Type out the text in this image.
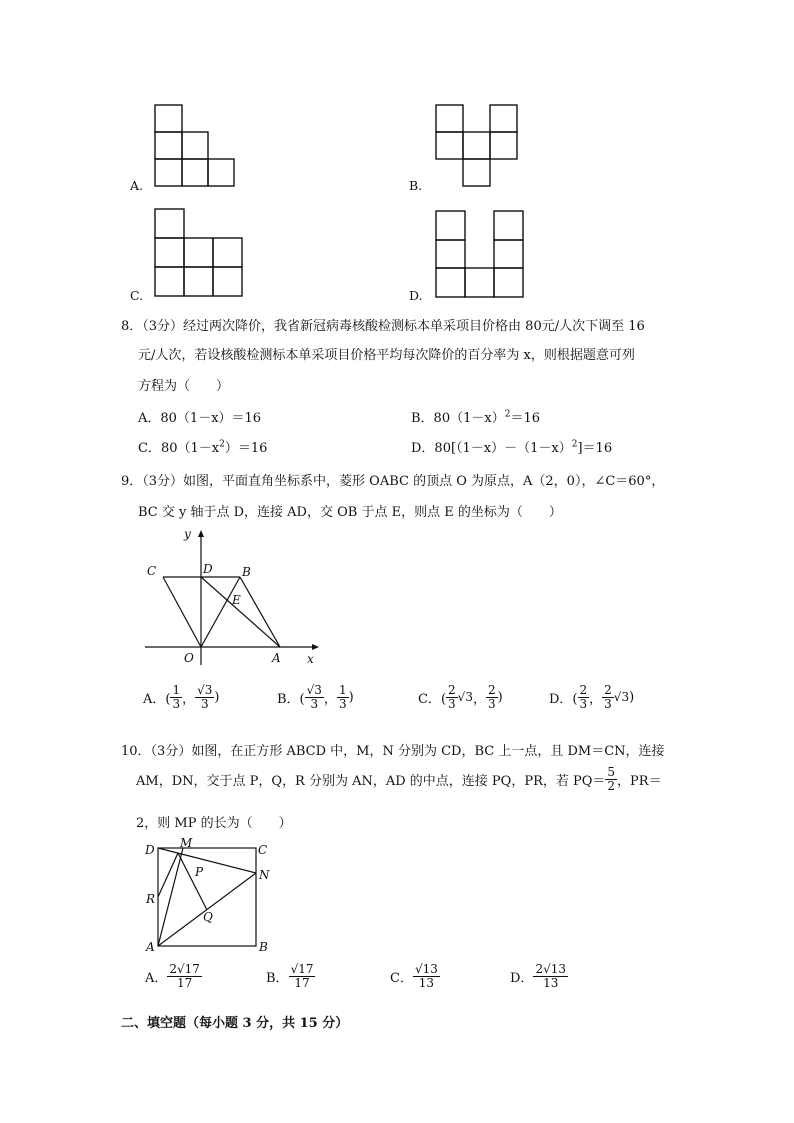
A.	B.
C.	D.
8．（3分）经过两次降价，我省新冠病毒核酸检测标本单采项目价格由 80元/人次下调至 16
元/人次，若设核酸检测标本单采项目价格平均每次降价的百分率为 x，则根据题意可列
方程为（　　）
A．80（1－x）＝16	B．$80(1-x)^2=16$
C．$80(1-x^2)=16$	D．$80[(1-x)-(1-x)^2]=16$
9．（3分）如图，平面直角坐标系中，菱形 OABC 的顶点 O 为原点，A（2，0），∠C＝60°，
BC 交 y 轴于点 D，连接 AD，交 OB 于点 E，则点 E 的坐标为（　　）
y
x
C	D B
E
O	A
A．( $\frac{1}{3}$ ， $\frac{√3}{3}$ )	B．( $\frac{√3}{3}$ ， $\frac{1}{3}$ )	C．( $\frac{2}{3} √3$ ， $\frac{2}{3}$ )	D．( $\frac{2}{3}$ ， $\frac{2}{3} √3$ )
10．（3分）如图，在正方形 ABCD 中，M，N 分别为 CD，BC 上一点，且 DM＝CN，连接
AM，DN，交于点 P，Q，R 分别为 AN，AD 的中点，连接 PQ，PR，若 $PQ= \frac{5}{2}$ ，PR＝
2，则 MP 的长为（　　）
D M	C
P	N
R
Q
A	B
A． $\frac{2√17}{17}$	B． $\frac{√17}{17}$	C． $\frac{√13}{13}$	D． $\frac{2√13}{13}$
二、填空题（每小题 3 分，共 15 分）
